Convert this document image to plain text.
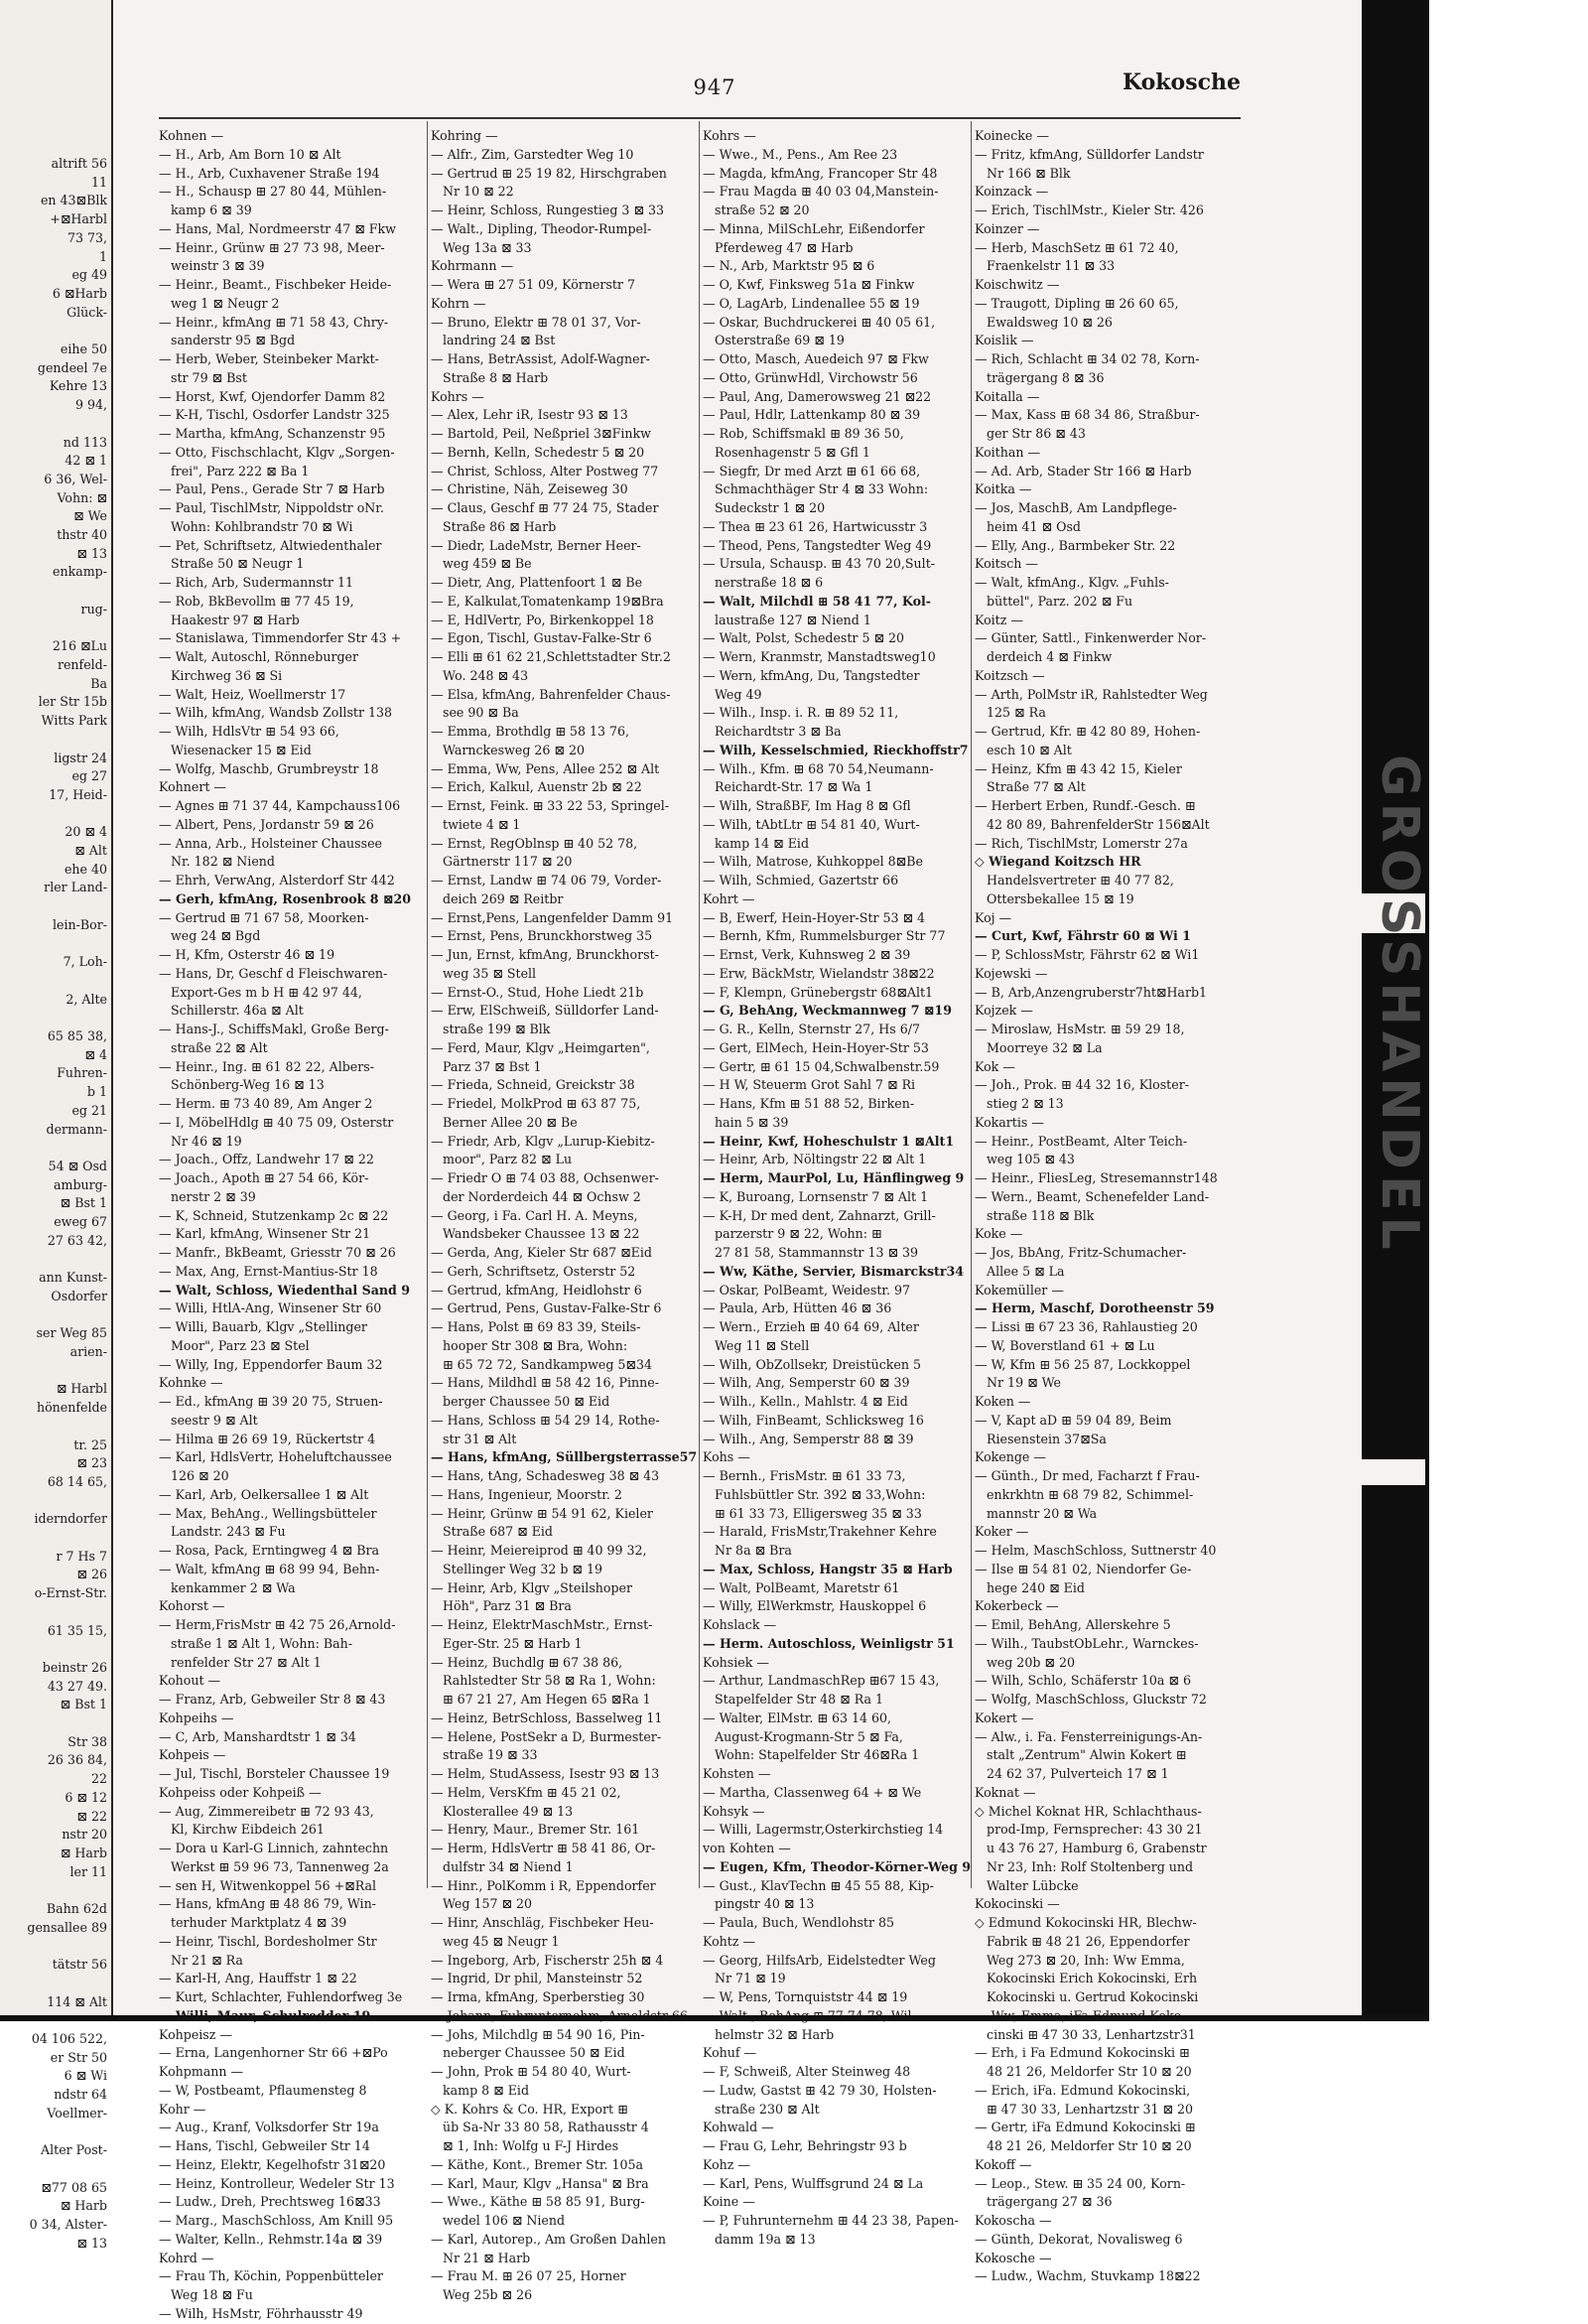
altrift 56
11
en 43⊠Blk
+⊠Harbl
73 73,
1
eg 49
6 ⊠Harb
Glück-

eihe 50
gendeel 7e
Kehre 13
9 94,

nd 113
42 ⊠ 1
6 36, Wel-
Vohn: ⊠
⊠ We
thstr 40
⊠ 13
enkamp-

rug-

216 ⊠Lu
renfeld-
Ba
ler Str 15b
Witts Park

ligstr 24
eg 27
17, Heid-

20 ⊠ 4
⊠ Alt
ehe 40
rler Land-

lein-Bor-

7, Loh-

2, Alte

65 85 38,
⊠ 4
Fuhren-
b 1
eg 21
dermann-

54 ⊠ Osd
amburg-
⊠ Bst 1
eweg 67
27 63 42,

ann Kunst-
Osdorfer

ser Weg 85
arien-

⊠ Harbl
hönenfelde

tr. 25
⊠ 23
68 14 65,

iderndorfer

r 7 Hs 7
⊠ 26
o-Ernst-Str.

61 35 15,

beinstr 26
43 27 49.
⊠ Bst 1

Str 38
26 36 84,
22
6 ⊠ 12
⊠ 22
nstr 20
⊠ Harb
ler 11

Bahn 62d
gensallee 89

tätstr 56

114 ⊠ Alt

04 106 522,
er Str 50
6 ⊠ Wi
ndstr 64
Voellmer-

Alter Post-

⊠77 08 65
⊠ Harb
0 34, Alster-
⊠ 13
947	Kokosche
Kohnen —
— H., Arb, Am Born 10 ⊠ Alt
— H., Arb, Cuxhavener Straße 194
— H., Schausp ⊞ 27 80 44, Mühlen-
kamp 6 ⊠ 39
— Hans, Mal, Nordmeerstr 47 ⊠ Fkw
— Heinr., Grünw ⊞ 27 73 98, Meer-
weinstr 3 ⊠ 39
— Heinr., Beamt., Fischbeker Heide-
weg 1 ⊠ Neugr 2
— Heinr., kfmAng ⊞ 71 58 43, Chry-
sanderstr 95 ⊠ Bgd
— Herb, Weber, Steinbeker Markt-
str 79 ⊠ Bst
— Horst, Kwf, Ojendorfer Damm 82
— K-H, Tischl, Osdorfer Landstr 325
— Martha, kfmAng, Schanzenstr 95
— Otto, Fischschlacht, Klgv „Sorgen-
frei", Parz 222 ⊠ Ba 1
— Paul, Pens., Gerade Str 7 ⊠ Harb
— Paul, TischlMstr, Nippoldstr oNr.
Wohn: Kohlbrandstr 70 ⊠ Wi
— Pet, Schriftsetz, Altwiedenthaler
Straße 50 ⊠ Neugr 1
— Rich, Arb, Sudermannstr 11
— Rob, BkBevollm ⊞ 77 45 19,
Haakestr 97 ⊠ Harb
— Stanislawa, Timmendorfer Str 43 +
— Walt, Autoschl, Rönneburger
Kirchweg 36 ⊠ Si
— Walt, Heiz, Woellmerstr 17
— Wilh, kfmAng, Wandsb Zollstr 138
— Wilh, HdlsVtr ⊞ 54 93 66,
Wiesenacker 15 ⊠ Eid
— Wolfg, Maschb, Grumbreystr 18
Kohnert —
— Agnes ⊞ 71 37 44, Kampchauss106
— Albert, Pens, Jordanstr 59 ⊠ 26
— Anna, Arb., Holsteiner Chaussee
Nr. 182 ⊠ Niend
— Ehrh, VerwAng, Alsterdorf Str 442
— Gerh, kfmAng, Rosenbrook 8 ⊠20
— Gertrud ⊞ 71 67 58, Moorken-
weg 24 ⊠ Bgd
— H, Kfm, Osterstr 46 ⊠ 19
— Hans, Dr, Geschf d Fleischwaren-
Export-Ges m b H ⊞ 42 97 44,
Schillerstr. 46a ⊠ Alt
— Hans-J., SchiffsMakl, Große Berg-
straße 22 ⊠ Alt
— Heinr., Ing. ⊞ 61 82 22, Albers-
Schönberg-Weg 16 ⊠ 13
— Herm. ⊞ 73 40 89, Am Anger 2
— I, MöbelHdlg ⊞ 40 75 09, Osterstr
Nr 46 ⊠ 19
— Joach., Offz, Landwehr 17 ⊠ 22
— Joach., Apoth ⊞ 27 54 66, Kör-
nerstr 2 ⊠ 39
— K, Schneid, Stutzenkamp 2c ⊠ 22
— Karl, kfmAng, Winsener Str 21
— Manfr., BkBeamt, Griesstr 70 ⊠ 26
— Max, Ang, Ernst-Mantius-Str 18
— Walt, Schloss, Wiedenthal Sand 9
— Willi, HtlA-Ang, Winsener Str 60
— Willi, Bauarb, Klgv „Stellinger
Moor", Parz 23 ⊠ Stel
— Willy, Ing, Eppendorfer Baum 32
Kohnke —
— Ed., kfmAng ⊞ 39 20 75, Struen-
seestr 9 ⊠ Alt
— Hilma ⊞ 26 69 19, Rückertstr 4
— Karl, HdlsVertr, Hoheluftchaussee
126 ⊠ 20
— Karl, Arb, Oelkersallee 1 ⊠ Alt
— Max, BehAng., Wellingsbütteler
Landstr. 243 ⊠ Fu
— Rosa, Pack, Erntingweg 4 ⊠ Bra
— Walt, kfmAng ⊞ 68 99 94, Behn-
kenkammer 2 ⊠ Wa
Kohorst —
— Herm,FrisMstr ⊞ 42 75 26,Arnold-
straße 1 ⊠ Alt 1, Wohn: Bah-
renfelder Str 27 ⊠ Alt 1
Kohout —
— Franz, Arb, Gebweiler Str 8 ⊠ 43
Kohpeihs —
— C, Arb, Manshardtstr 1 ⊠ 34
Kohpeis —
— Jul, Tischl, Borsteler Chaussee 19
Kohpeiss oder Kohpeiß —
— Aug, Zimmereibetr ⊞ 72 93 43,
Kl, Kirchw Eibdeich 261
— Dora u Karl-G Linnich, zahntechn
Werkst ⊞ 59 96 73, Tannenweg 2a
— sen H, Witwenkoppel 56 +⊠Ral
— Hans, kfmAng ⊞ 48 86 79, Win-
terhuder Marktplatz 4 ⊠ 39
— Heinr, Tischl, Bordesholmer Str
Nr 21 ⊠ Ra
— Karl-H, Ang, Hauffstr 1 ⊠ 22
— Kurt, Schlachter, Fuhlendorfweg 3e
Kohpeisz —
— Erna, Langenhorner Str 66 +⊠Po
Kohpmann —
— W, Postbeamt, Pflaumensteg 8
Kohr —
— Aug., Kranf, Volksdorfer Str 19a
— Hans, Tischl, Gebweiler Str 14
— Heinz, Elektr, Kegelhofstr 31⊠20
— Heinz, Kontrolleur, Wedeler Str 13
— Ludw., Dreh, Prechtsweg 16⊠33
— Marg., MaschSchloss, Am Knill 95
— Walter, Kelln., Rehmstr.14a ⊠ 39
Kohrd —
— Frau Th, Köchin, Poppenbütteler
Weg 18 ⊠ Fu
— Wilh, HsMstr, Föhrhausstr 49
Kohring —
— Alfr., Zim, Garstedter Weg 10
— Gertrud ⊞ 25 19 82, Hirschgraben
Nr 10 ⊠ 22
— Heinr, Schloss, Rungestieg 3 ⊠ 33
— Walt., Dipling, Theodor-Rumpel-
Weg 13a ⊠ 33
Kohrmann —
— Wera ⊞ 27 51 09, Körnerstr 7
Kohrn —
— Bruno, Elektr ⊞ 78 01 37, Vor-
landring 24 ⊠ Bst
— Hans, BetrAssist, Adolf-Wagner-
Straße 8 ⊠ Harb
Kohrs —
— Alex, Lehr iR, Isestr 93 ⊠ 13
— Bartold, Peil, Neßpriel 3⊠Finkw
— Bernh, Kelln, Schedestr 5 ⊠ 20
— Christ, Schloss, Alter Postweg 77
— Christine, Näh, Zeiseweg 30
— Claus, Geschf ⊞ 77 24 75, Stader
Straße 86 ⊠ Harb
— Diedr, LadeMstr, Berner Heer-
weg 459 ⊠ Be
— Dietr, Ang, Plattenfoort 1 ⊠ Be
— E, Kalkulat,Tomatenkamp 19⊠Bra
— E, HdlVertr, Po, Birkenkoppel 18
— Egon, Tischl, Gustav-Falke-Str 6
— Elli ⊞ 61 62 21,Schlettstadter Str.2
Wo. 248 ⊠ 43
— Elsa, kfmAng, Bahrenfelder Chaus-
see 90 ⊠ Ba
— Emma, Brothdlg ⊞ 58 13 76,
Warnckesweg 26 ⊠ 20
— Emma, Ww, Pens, Allee 252 ⊠ Alt
— Erich, Kalkul, Auenstr 2b ⊠ 22
— Ernst, Feink. ⊞ 33 22 53, Springel-
twiete 4 ⊠ 1
— Ernst, RegOblnsp ⊞ 40 52 78,
Gärtnerstr 117 ⊠ 20
— Ernst, Landw ⊞ 74 06 79, Vorder-
deich 269 ⊠ Reitbr
— Ernst,Pens, Langenfelder Damm 91
— Ernst, Pens, Brunckhorstweg 35
— Jun, Ernst, kfmAng, Brunckhorst-
weg 35 ⊠ Stell
— Ernst-O., Stud, Hohe Liedt 21b
— Erw, ElSchweiß, Sülldorfer Land-
straße 199 ⊠ Blk
— Ferd, Maur, Klgv „Heimgarten",
Parz 37 ⊠ Bst 1
— Frieda, Schneid, Greickstr 38
— Friedel, MolkProd ⊞ 63 87 75,
Berner Allee 20 ⊠ Be
— Friedr, Arb, Klgv „Lurup-Kiebitz-
moor", Parz 82 ⊠ Lu
— Friedr O ⊞ 74 03 88, Ochsenwer-
der Norderdeich 44 ⊠ Ochsw 2
— Georg, i Fa. Carl H. A. Meyns,
Wandsbeker Chaussee 13 ⊠ 22
— Gerda, Ang, Kieler Str 687 ⊠Eid
— Gerh, Schriftsetz, Osterstr 52
— Gertrud, kfmAng, Heidlohstr 6
— Gertrud, Pens, Gustav-Falke-Str 6
— Hans, Polst ⊞ 69 83 39, Steils-
hooper Str 308 ⊠ Bra, Wohn:
⊞ 65 72 72, Sandkampweg 5⊠34
— Hans, Mildhdl ⊞ 58 42 16, Pinne-
berger Chaussee 50 ⊠ Eid
— Hans, Schloss ⊞ 54 29 14, Rothe-
str 31 ⊠ Alt
— Hans, kfmAng, Süllbergsterrasse57
— Hans, tAng, Schadesweg 38 ⊠ 43
— Hans, Ingenieur, Moorstr. 2
— Heinr, Grünw ⊞ 54 91 62, Kieler
Straße 687 ⊠ Eid
— Heinr, Meiereiprod ⊞ 40 99 32,
Stellinger Weg 32 b ⊠ 19
— Heinr, Arb, Klgv „Steilshoper
Höh", Parz 31 ⊠ Bra
— Heinz, ElektrMaschMstr., Ernst-
Eger-Str. 25 ⊠ Harb 1
— Heinz, Buchdlg ⊞ 67 38 86,
Rahlstedter Str 58 ⊠ Ra 1, Wohn:
⊞ 67 21 27, Am Hegen 65 ⊠Ra 1
— Heinz, BetrSchloss, Basselweg 11
— Helene, PostSekr a D, Burmester-
straße 19 ⊠ 33
— Helm, StudAssess, Isestr 93 ⊠ 13
— Helm, VersKfm ⊞ 45 21 02,
Klosterallee 49 ⊠ 13
— Henry, Maur., Bremer Str. 161
— Herm, HdlsVertr ⊞ 58 41 86, Or-
dulfstr 34 ⊠ Niend 1
— Hinr., PolKomm i R, Eppendorfer
Weg 157 ⊠ 20
— Hinr, Anschläg, Fischbeker Heu-
weg 45 ⊠ Neugr 1
— Ingeborg, Arb, Fischerstr 25h ⊠ 4
— Ingrid, Dr phil, Mansteinstr 52
— Irma, kfmAng, Sperberstieg 30
— Johs, Milchdlg ⊞ 54 90 16, Pin-
neberger Chaussee 50 ⊠ Eid
— John, Prok ⊞ 54 80 40, Wurt-
kamp 8 ⊠ Eid
◇ K. Kohrs & Co. HR, Export ⊞
üb Sa-Nr 33 80 58, Rathausstr 4
⊠ 1, Inh: Wolfg u F-J Hirdes
— Käthe, Kont., Bremer Str. 105a
— Karl, Maur, Klgv „Hansa" ⊠ Bra
— Wwe., Käthe ⊞ 58 85 91, Burg-
wedel 106 ⊠ Niend
— Karl, Autorep., Am Großen Dahlen
Nr 21 ⊠ Harb
— Frau M. ⊞ 26 07 25, Horner
Weg 25b ⊠ 26
Kohrs —
— Wwe., M., Pens., Am Ree 23
— Magda, kfmAng, Francoper Str 48
— Frau Magda ⊞ 40 03 04,Manstein-
straße 52 ⊠ 20
— Minna, MilSchLehr, Eißendorfer
Pferdeweg 47 ⊠ Harb
— N., Arb, Marktstr 95 ⊠ 6
— O, Kwf, Finksweg 51a ⊠ Finkw
— O, LagArb, Lindenallee 55 ⊠ 19
— Oskar, Buchdruckerei ⊞ 40 05 61,
Osterstraße 69 ⊠ 19
— Otto, Masch, Auedeich 97 ⊠ Fkw
— Otto, GrünwHdl, Virchowstr 56
— Paul, Ang, Damerowsweg 21 ⊠22
— Paul, Hdlr, Lattenkamp 80 ⊠ 39
— Rob, Schiffsmakl ⊞ 89 36 50,
Rosenhagenstr 5 ⊠ Gfl 1
— Siegfr, Dr med Arzt ⊞ 61 66 68,
Schmachthäger Str 4 ⊠ 33 Wohn:
Sudeckstr 1 ⊠ 20
— Thea ⊞ 23 61 26, Hartwicusstr 3
— Theod, Pens, Tangstedter Weg 49
— Ursula, Schausp. ⊞ 43 70 20,Sult-
nerstraße 18 ⊠ 6
— Walt, Milchdl ⊞ 58 41 77, Kol-
laustraße 127 ⊠ Niend 1
— Walt, Polst, Schedestr 5 ⊠ 20
— Wern, Kranmstr, Manstadtsweg10
— Wern, kfmAng, Du, Tangstedter
Weg 49
— Wilh., Insp. i. R. ⊞ 89 52 11,
Reichardtstr 3 ⊠ Ba
— Wilh, Kesselschmied, Rieckhoffstr7
— Wilh., Kfm. ⊞ 68 70 54,Neumann-
Reichardt-Str. 17 ⊠ Wa 1
— Wilh, StraßBF, Im Hag 8 ⊠ Gfl
— Wilh, tAbtLtr ⊞ 54 81 40, Wurt-
kamp 14 ⊠ Eid
— Wilh, Matrose, Kuhkoppel 8⊠Be
— Wilh, Schmied, Gazertstr 66
Kohrt —
— B, Ewerf, Hein-Hoyer-Str 53 ⊠ 4
— Bernh, Kfm, Rummelsburger Str 77
— Ernst, Verk, Kuhnsweg 2 ⊠ 39
— Erw, BäckMstr, Wielandstr 38⊠22
— F, Klempn, Grünebergstr 68⊠Alt1
— G, BehAng, Weckmannweg 7 ⊠19
— G. R., Kelln, Sternstr 27, Hs 6/7
— Gert, ElMech, Hein-Hoyer-Str 53
— Gertr, ⊞ 61 15 04,Schwalbenstr.59
— H W, Steuerm Grot Sahl 7 ⊠ Ri
— Hans, Kfm ⊞ 51 88 52, Birken-
hain 5 ⊠ 39
— Heinr, Kwf, Hoheschulstr 1 ⊠Alt1
— Heinr, Arb, Nöltingstr 22 ⊠ Alt 1
— Herm, MaurPol, Lu, Hänflingweg 9
— K, Buroang, Lornsenstr 7 ⊠ Alt 1
— K-H, Dr med dent, Zahnarzt, Grill-
parzerstr 9 ⊠ 22, Wohn: ⊞
27 81 58, Stammannstr 13 ⊠ 39
— Ww, Käthe, Servier, Bismarckstr34
— Oskar, PolBeamt, Weidestr. 97
— Paula, Arb, Hütten 46 ⊠ 36
— Wern., Erzieh ⊞ 40 64 69, Alter
Weg 11 ⊠ Stell
— Wilh, ObZollsekr, Dreistücken 5
— Wilh, Ang, Semperstr 60 ⊠ 39
— Wilh., Kelln., Mahlstr. 4 ⊠ Eid
— Wilh, FinBeamt, Schlicksweg 16
— Wilh., Ang, Semperstr 88 ⊠ 39
Kohs —
— Bernh., FrisMstr. ⊞ 61 33 73,
Fuhlsbüttler Str. 392 ⊠ 33,Wohn:
⊞ 61 33 73, Elligersweg 35 ⊠ 33
— Harald, FrisMstr,Trakehner Kehre
Nr 8a ⊠ Bra
— Max, Schloss, Hangstr 35 ⊠ Harb
— Walt, PolBeamt, Maretstr 61
— Willy, ElWerkmstr, Hauskoppel 6
Kohslack —
— Herm. Autoschloss, Weinligstr 51
Kohsiek —
— Arthur, LandmaschRep ⊞67 15 43,
Stapelfelder Str 48 ⊠ Ra 1
— Walter, ElMstr. ⊞ 63 14 60,
August-Krogmann-Str 5 ⊠ Fa,
Wohn: Stapelfelder Str 46⊠Ra 1
Kohsten —
— Martha, Classenweg 64 + ⊠ We
Kohsyk —
— Willi, Lagermstr,Osterkirchstieg 14
von Kohten —
— Eugen, Kfm, Theodor-Körner-Weg 9
— Gust., KlavTechn ⊞ 45 55 88, Kip-
pingstr 40 ⊠ 13
— Paula, Buch, Wendlohstr 85
Kohtz —
— Georg, HilfsArb, Eidelstedter Weg
Nr 71 ⊠ 19
— W, Pens, Tornquiststr 44 ⊠ 19
helmstr 32 ⊠ Harb
Kohuf —
— F, Schweiß, Alter Steinweg 48
— Ludw, Gastst ⊞ 42 79 30, Holsten-
straße 230 ⊠ Alt
Kohwald —
— Frau G, Lehr, Behringstr 93 b
Kohz —
— Karl, Pens, Wulffsgrund 24 ⊠ La
Koine —
— P, Fuhrunternehm ⊞ 44 23 38, Papen-
damm 19a ⊠ 13
Koinecke —
— Fritz, kfmAng, Sülldorfer Landstr
Nr 166 ⊠ Blk
Koinzack —
— Erich, TischlMstr., Kieler Str. 426
Koinzer —
— Herb, MaschSetz ⊞ 61 72 40,
Fraenkelstr 11 ⊠ 33
Koischwitz —
— Traugott, Dipling ⊞ 26 60 65,
Ewaldsweg 10 ⊠ 26
Koislik —
— Rich, Schlacht ⊞ 34 02 78, Korn-
trägergang 8 ⊠ 36
Koitalla —
— Max, Kass ⊞ 68 34 86, Straßbur-
ger Str 86 ⊠ 43
Koithan —
— Ad. Arb, Stader Str 166 ⊠ Harb
Koitka —
— Jos, MaschB, Am Landpflege-
heim 41 ⊠ Osd
— Elly, Ang., Barmbeker Str. 22
Koitsch —
— Walt, kfmAng., Klgv. „Fuhls-
büttel", Parz. 202 ⊠ Fu
Koitz —
— Günter, Sattl., Finkenwerder Nor-
derdeich 4 ⊠ Finkw
Koitzsch —
— Arth, PolMstr iR, Rahlstedter Weg
125 ⊠ Ra
— Gertrud, Kfr. ⊞ 42 80 89, Hohen-
esch 10 ⊠ Alt
— Heinz, Kfm ⊞ 43 42 15, Kieler
Straße 77 ⊠ Alt
— Herbert Erben, Rundf.-Gesch. ⊞
42 80 89, BahrenfelderStr 156⊠Alt
— Rich, TischlMstr, Lomerstr 27a
◇ Wiegand Koitzsch HR
Handelsvertreter ⊞ 40 77 82,
Ottersbekallee 15 ⊠ 19
Koj —
— Curt, Kwf, Fährstr 60 ⊠ Wi 1
— P, SchlossMstr, Fährstr 62 ⊠ Wi1
Kojewski —
— B, Arb,Anzengruberstr7ht⊠Harb1
Kojzek —
— Miroslaw, HsMstr. ⊞ 59 29 18,
Moorreye 32 ⊠ La
Kok —
— Joh., Prok. ⊞ 44 32 16, Kloster-
stieg 2 ⊠ 13
Kokartis —
— Heinr., PostBeamt, Alter Teich-
weg 105 ⊠ 43
— Heinr., FliesLeg, Stresemannstr148
— Wern., Beamt, Schenefelder Land-
straße 118 ⊠ Blk
Koke —
— Jos, BbAng, Fritz-Schumacher-
Allee 5 ⊠ La
Kokemüller —
— Herm, Maschf, Dorotheenstr 59
— Lissi ⊞ 67 23 36, Rahlaustieg 20
— W, Boverstland 61 + ⊠ Lu
— W, Kfm ⊞ 56 25 87, Lockkoppel
Nr 19 ⊠ We
Koken —
— V, Kapt aD ⊞ 59 04 89, Beim
Riesenstein 37⊠Sa
Kokenge —
— Günth., Dr med, Facharzt f Frau-
enkrkhtn ⊞ 68 79 82, Schimmel-
mannstr 20 ⊠ Wa
Koker —
— Helm, MaschSchloss, Suttnerstr 40
— Ilse ⊞ 54 81 02, Niendorfer Ge-
hege 240 ⊠ Eid
Kokerbeck —
— Emil, BehAng, Allerskehre 5
— Wilh., TaubstObLehr., Warnckes-
weg 20b ⊠ 20
— Wilh, Schlo, Schäferstr 10a ⊠ 6
— Wolfg, MaschSchloss, Gluckstr 72
Kokert —
— Alw., i. Fa. Fensterreinigungs-An-
stalt „Zentrum" Alwin Kokert ⊞
24 62 37, Pulverteich 17 ⊠ 1
Koknat —
◇ Michel Koknat HR, Schlachthaus-
prod-Imp, Fernsprecher: 43 30 21
u 43 76 27, Hamburg 6, Grabenstr
Nr 23, Inh: Rolf Stoltenberg und
Walter Lübcke
Kokocinski —
◇ Edmund Kokocinski HR, Blechw-
Fabrik ⊞ 48 21 26, Eppendorfer
Weg 273 ⊠ 20, Inh: Ww Emma,
Kokocinski Erich Kokocinski, Erh
Kokocinski u. Gertrud Kokocinski
cinski ⊞ 47 30 33, Lenhartzstr31
— Erh, i Fa Edmund Kokocinski ⊞
48 21 26, Meldorfer Str 10 ⊠ 20
— Erich, iFa. Edmund Kokocinski,
⊞ 47 30 33, Lenhartzstr 31 ⊠ 20
— Gertr, iFa Edmund Kokocinski ⊞
48 21 26, Meldorfer Str 10 ⊠ 20
Kokoff —
— Leop., Stew. ⊞ 35 24 00, Korn-
trägergang 27 ⊠ 36
Kokoscha —
— Günth, Dekorat, Novalisweg 6
Kokosche —
— Ludw., Wachm, Stuvkamp 18⊠22
GROSSHANDEL
